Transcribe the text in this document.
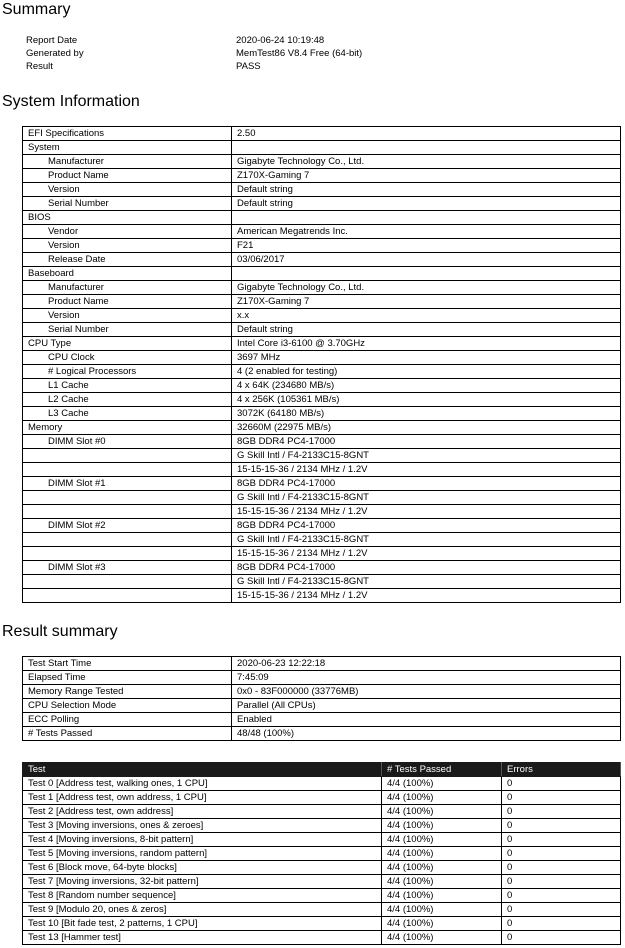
Summary
Report Date	2020-06-24 10:19:48
Generated by	MemTest86 V8.4 Free (64-bit)
Result	PASS
System Information
EFI Specifications	2.50
System	
Manufacturer	Gigabyte Technology Co., Ltd.
Product Name	Z170X-Gaming 7
Version	Default string
Serial Number	Default string
BIOS	
Vendor	American Megatrends Inc.
Version	F21
Release Date	03/06/2017
Baseboard	
Manufacturer	Gigabyte Technology Co., Ltd.
Product Name	Z170X-Gaming 7
Version	x.x
Serial Number	Default string
CPU Type	Intel Core i3-6100 @ 3.70GHz
CPU Clock	3697 MHz
# Logical Processors	4 (2 enabled for testing)
L1 Cache	4 x 64K (234680 MB/s)
L2 Cache	4 x 256K (105361 MB/s)
L3 Cache	3072K (64180 MB/s)
Memory	32660M (22975 MB/s)
DIMM Slot #0	8GB DDR4 PC4-17000
	G Skill Intl / F4-2133C15-8GNT
	15-15-15-36 / 2134 MHz / 1.2V
DIMM Slot #1	8GB DDR4 PC4-17000
	G Skill Intl / F4-2133C15-8GNT
	15-15-15-36 / 2134 MHz / 1.2V
DIMM Slot #2	8GB DDR4 PC4-17000
	G Skill Intl / F4-2133C15-8GNT
	15-15-15-36 / 2134 MHz / 1.2V
DIMM Slot #3	8GB DDR4 PC4-17000
	G Skill Intl / F4-2133C15-8GNT
	15-15-15-36 / 2134 MHz / 1.2V
Result summary
Test Start Time	2020-06-23 12:22:18
Elapsed Time	7:45:09
Memory Range Tested	0x0 - 83F000000 (33776MB)
CPU Selection Mode	Parallel (All CPUs)
ECC Polling	Enabled
# Tests Passed	48/48 (100%)
Test	# Tests Passed	Errors
Test 0 [Address test, walking ones, 1 CPU]	4/4 (100%)	0
Test 1 [Address test, own address, 1 CPU]	4/4 (100%)	0
Test 2 [Address test, own address]	4/4 (100%)	0
Test 3 [Moving inversions, ones & zeroes]	4/4 (100%)	0
Test 4 [Moving inversions, 8-bit pattern]	4/4 (100%)	0
Test 5 [Moving inversions, random pattern]	4/4 (100%)	0
Test 6 [Block move, 64-byte blocks]	4/4 (100%)	0
Test 7 [Moving inversions, 32-bit pattern]	4/4 (100%)	0
Test 8 [Random number sequence]	4/4 (100%)	0
Test 9 [Modulo 20, ones & zeros]	4/4 (100%)	0
Test 10 [Bit fade test, 2 patterns, 1 CPU]	4/4 (100%)	0
Test 13 [Hammer test]	4/4 (100%)	0
